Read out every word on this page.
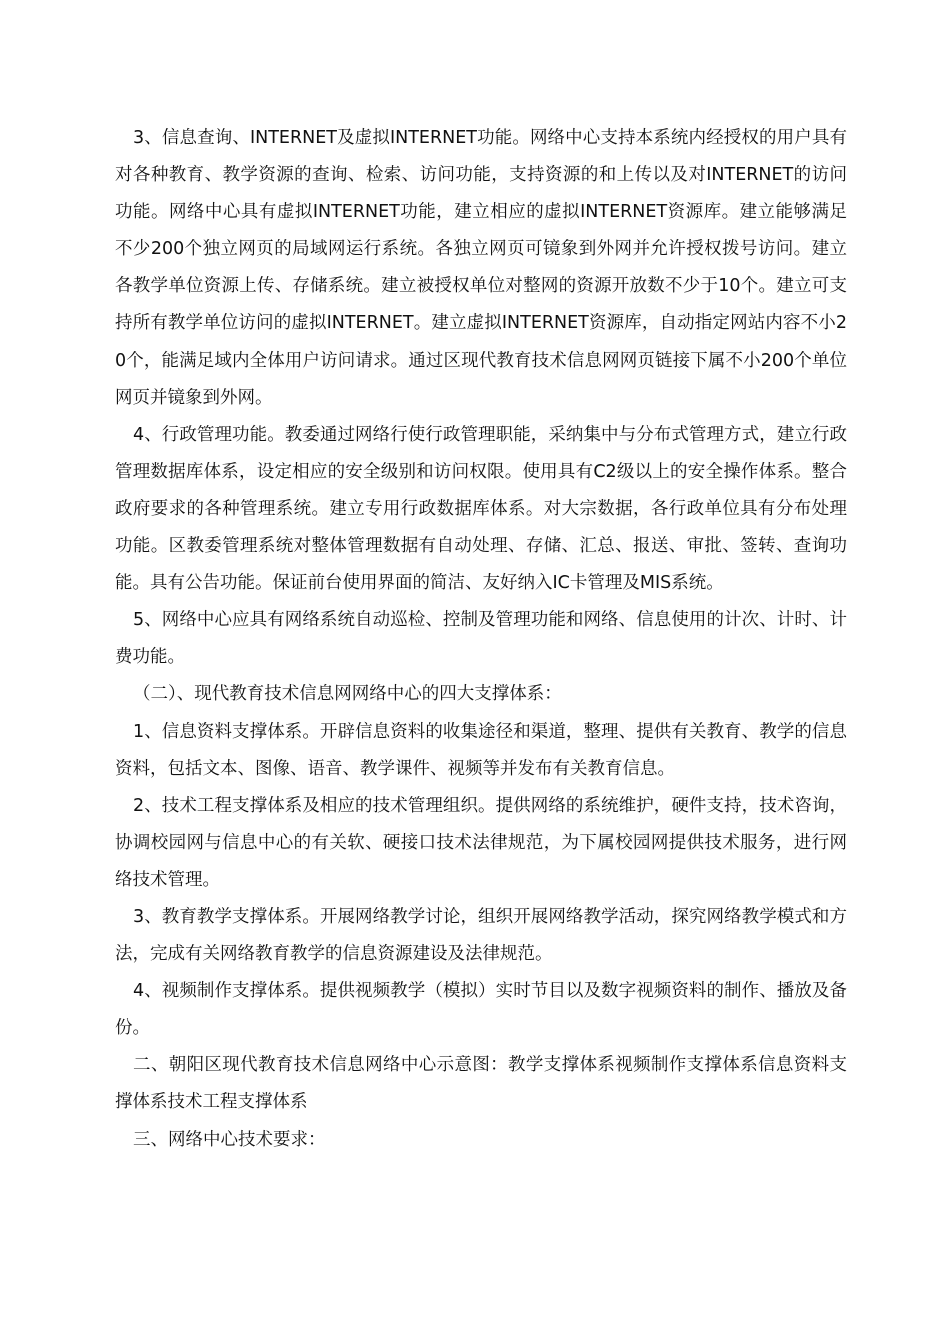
3、信息查询、INTERNET及虚拟INTERNET功能。网络中心支持本系统内经授权的用户具有对各种教育、教学资源的查询、检索、访问功能，支持资源的和上传以及对INTERNET的访问功能。网络中心具有虚拟INTERNET功能，建立相应的虚拟INTERNET资源库。建立能够满足不少200个独立网页的局域网运行系统。各独立网页可镜象到外网并允许授权拨号访问。建立各教学单位资源上传、存储系统。建立被授权单位对整网的资源开放数不少于10个。建立可支持所有教学单位访问的虚拟INTERNET。建立虚拟INTERNET资源库，自动指定网站内容不小20个，能满足域内全体用户访问请求。通过区现代教育技术信息网网页链接下属不小200个单位网页并镜象到外网。

4、行政管理功能。教委通过网络行使行政管理职能，采纳集中与分布式管理方式，建立行政管理数据库体系，设定相应的安全级别和访问权限。使用具有C2级以上的安全操作体系。整合政府要求的各种管理系统。建立专用行政数据库体系。对大宗数据，各行政单位具有分布处理功能。区教委管理系统对整体管理数据有自动处理、存储、汇总、报送、审批、签转、查询功能。具有公告功能。保证前台使用界面的简洁、友好纳入IC卡管理及MIS系统。

5、网络中心应具有网络系统自动巡检、控制及管理功能和网络、信息使用的计次、计时、计费功能。

（二）、现代教育技术信息网网络中心的四大支撑体系：

1、信息资料支撑体系。开辟信息资料的收集途径和渠道，整理、提供有关教育、教学的信息资料，包括文本、图像、语音、教学课件、视频等并发布有关教育信息。

2、技术工程支撑体系及相应的技术管理组织。提供网络的系统维护，硬件支持，技术咨询，协调校园网与信息中心的有关软、硬接口技术法律规范，为下属校园网提供技术服务，进行网络技术管理。

3、教育教学支撑体系。开展网络教学讨论，组织开展网络教学活动，探究网络教学模式和方法，完成有关网络教育教学的信息资源建设及法律规范。

4、视频制作支撑体系。提供视频教学（模拟）实时节目以及数字视频资料的制作、播放及备份。

二、朝阳区现代教育技术信息网络中心示意图：教学支撑体系视频制作支撑体系信息资料支撑体系技术工程支撑体系

三、网络中心技术要求：
